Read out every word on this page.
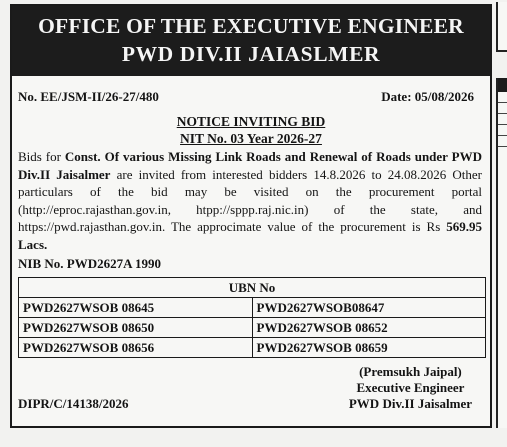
OFFICE OF THE EXECUTIVE ENGINEER
PWD DIV.II JAIASLMER
No. EE/JSM-II/26-27/480	Date: 05/08/2026
NOTICE INVITING BID
NIT No. 03 Year 2026-27

Bids for Const. Of various Missing Link Roads and Renewal of Roads under PWD Div.II Jaisalmer are invited from interested bidders 14.8.2026 to 24.08.2026 Other particulars of the bid may be visited on the procurement portal (http://eproc.rajasthan.gov.in, htpp://sppp.raj.nic.in) of the state, and https://pwd.rajasthan.gov.in. The approcimate value of the procurement is Rs 569.95 Lacs.

NIB No. PWD2627A 1990
UBN No	
PWD2627WSOB 08645	PWD2627WSOB08647
PWD2627WSOB 08650	PWD2627WSOB 08652
PWD2627WSOB 08656	PWD2627WSOB 08659
DIPR/C/14138/2026
(Premsukh Jaipal)
Executive Engineer
PWD Div.II Jaisalmer
